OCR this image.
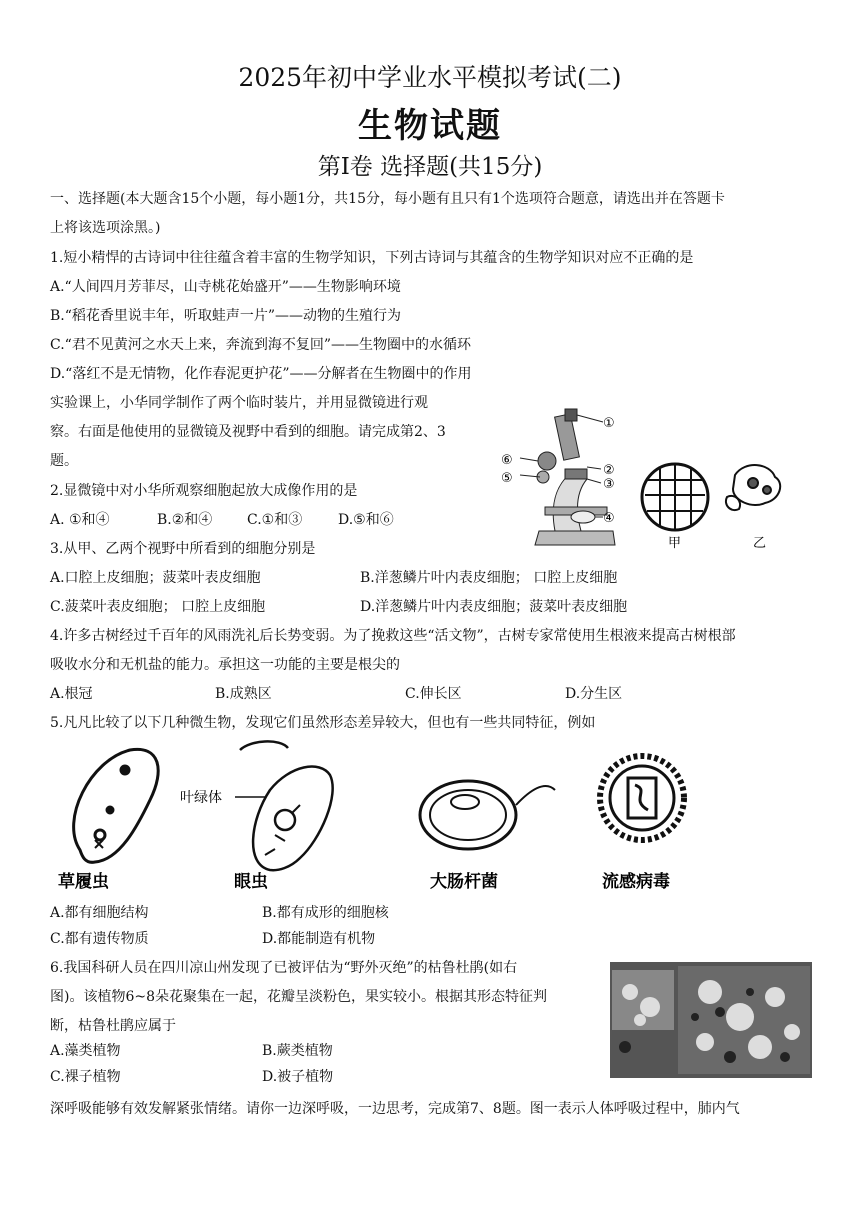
2025年初中学业水平模拟考试(二)
生物试题
第Ⅰ卷 选择题(共15分)
一、选择题(本大题含15个小题，每小题1分，共15分，每小题有且只有1个选项符合题意，请选出并在答题卡
上将该选项涂黑。)
1.短小精悍的古诗词中往往蕴含着丰富的生物学知识，下列古诗词与其蕴含的生物学知识对应不正确的是
A.“人间四月芳菲尽，山寺桃花始盛开”——生物影响环境
B.“稻花香里说丰年，听取蛙声一片”——动物的生殖行为
C.“君不见黄河之水天上来，奔流到海不复回”——生物圈中的水循环
D.“落红不是无情物，化作春泥更护花”——分解者在生物圈中的作用
实验课上，小华同学制作了两个临时装片，并用显微镜进行观
察。右面是他使用的显微镜及视野中看到的细胞。请完成第2、3
题。
①
②
③
④
⑤
⑥
甲	乙
2.显微镜中对小华所观察细胞起放大成像作用的是
A. ①和④	B.②和④ C.①和③	D.⑤和⑥
3.从甲、乙两个视野中所看到的细胞分别是
A.口腔上皮细胞；菠菜叶表皮细胞	B.洋葱鳞片叶内表皮细胞； 口腔上皮细胞
C.菠菜叶表皮细胞； 口腔上皮细胞	D.洋葱鳞片叶内表皮细胞；菠菜叶表皮细胞
4.许多古树经过千百年的风雨洗礼后长势变弱。为了挽救这些“活文物”，古树专家常使用生根液来提高古树根部
吸收水分和无机盐的能力。承担这一功能的主要是根尖的
A.根冠	B.成熟区	C.伸长区	D.分生区
5.凡凡比较了以下几种微生物，发现它们虽然形态差异较大，但也有一些共同特征，例如
草履虫
叶绿体
眼虫	大肠杆菌	流感病毒
A.都有细胞结构	B.都有成形的细胞核
C.都有遗传物质	D.都能制造有机物
6.我国科研人员在四川凉山州发现了已被评估为“野外灭绝”的枯鲁杜鹃(如右
图)。该植物6~8朵花聚集在一起，花瓣呈淡粉色，果实较小。根据其形态特征判
断，枯鲁杜鹃应属于
A.藻类植物	B.蕨类植物
C.裸子植物	D.被子植物
深呼吸能够有效发解紧张情绪。请你一边深呼吸，一边思考，完成第7、8题。图一表示人体呼吸过程中，肺内气
